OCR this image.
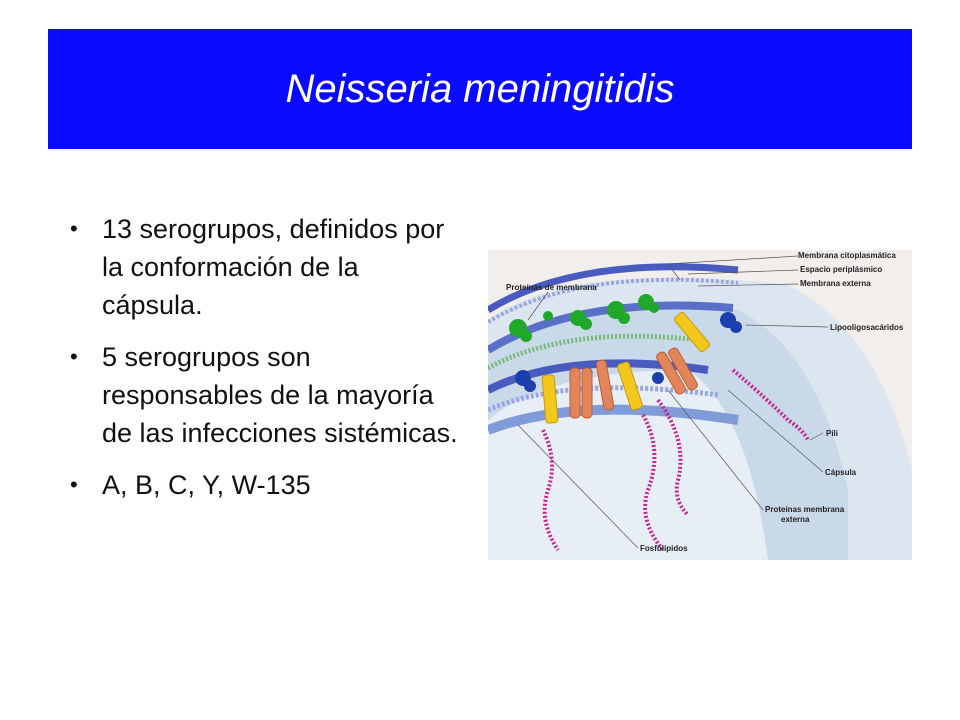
Neisseria meningitidis
• 13 serogrupos, definidos por la conformación de la cápsula.
• 5 serogrupos son responsables de la mayoría de las infecciones sistémicas.
• A, B, C, Y, W-135
Membrana citoplasmática
Espacio periplásmico
Membrana externa
Proteínas de membrana
Lipooligosacáridos
Pili
Cápsula
Proteínas membrana
externa
Fosfolípidos
